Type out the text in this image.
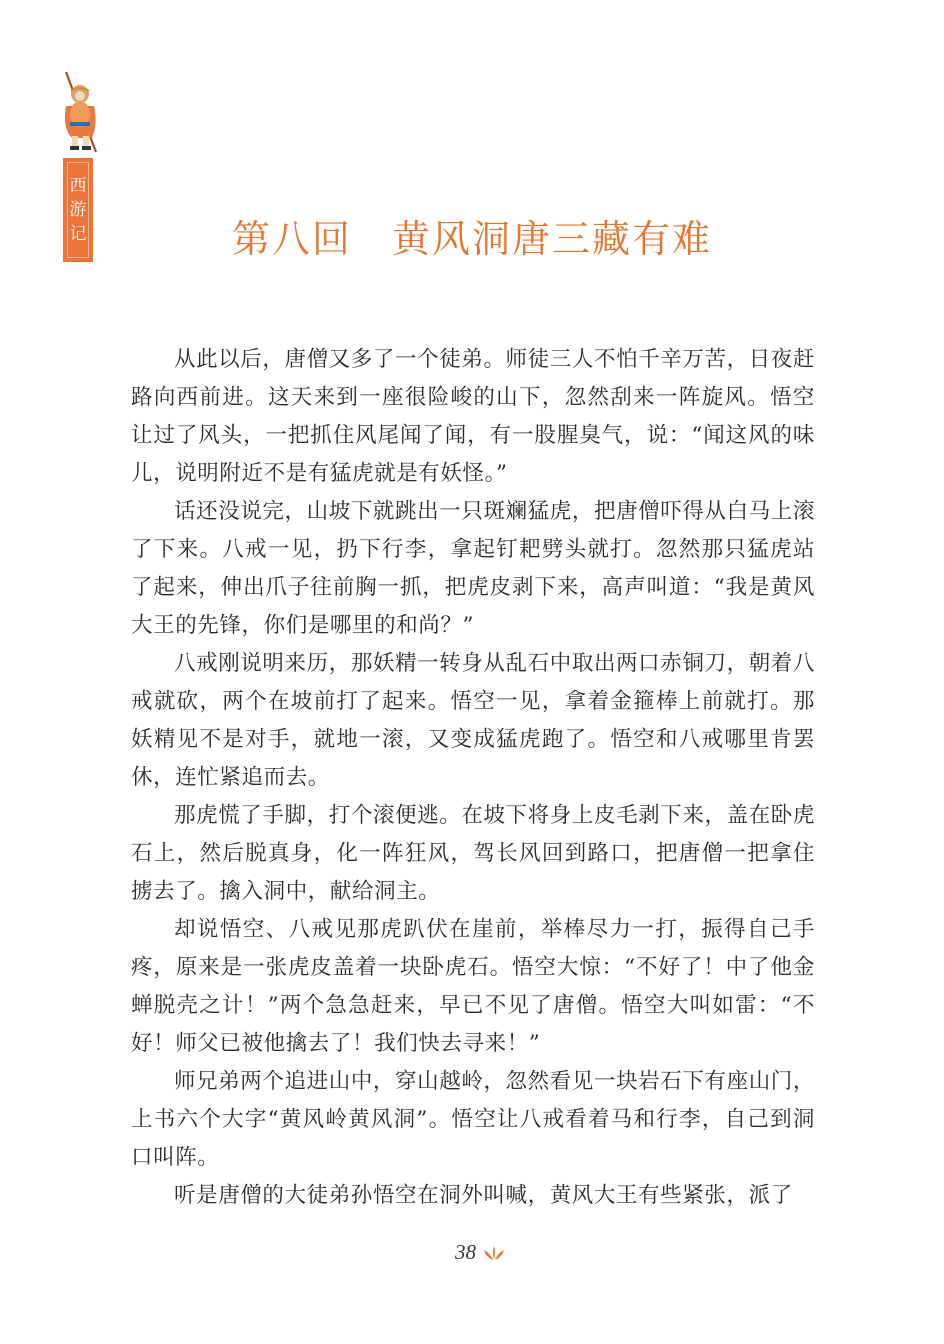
西
游
记	第八回 黄风洞唐三藏有难

从此以后，唐僧又多了一个徒弟。师徒三人不怕千辛万苦，日夜赶路向西前进。这天来到一座很险峻的山下，忽然刮来一阵旋风。悟空让过了风头，一把抓住风尾闻了闻，有一股腥臭气，说：“闻这风的味儿，说明附近不是有猛虎就是有妖怪。”

话还没说完，山坡下就跳出一只斑斓猛虎，把唐僧吓得从白马上滚了下来。八戒一见，扔下行李，拿起钉耙劈头就打。忽然那只猛虎站了起来，伸出爪子往前胸一抓，把虎皮剥下来，高声叫道：“我是黄风大王的先锋，你们是哪里的和尚？”

八戒刚说明来历，那妖精一转身从乱石中取出两口赤铜刀，朝着八戒就砍，两个在坡前打了起来。悟空一见，拿着金箍棒上前就打。那妖精见不是对手，就地一滚，又变成猛虎跑了。悟空和八戒哪里肯罢休，连忙紧追而去。

那虎慌了手脚，打个滚便逃。在坡下将身上皮毛剥下来，盖在卧虎石上，然后脱真身，化一阵狂风，驾长风回到路口，把唐僧一把拿住掳去了。擒入洞中，献给洞主。

却说悟空、八戒见那虎趴伏在崖前，举棒尽力一打，振得自己手疼，原来是一张虎皮盖着一块卧虎石。悟空大惊：“不好了！中了他金蝉脱壳之计！”两个急急赶来，早已不见了唐僧。悟空大叫如雷：“不好！师父已被他擒去了！我们快去寻来！”

师兄弟两个追进山中，穿山越岭，忽然看见一块岩石下有座山门，上书六个大字“黄风岭黄风洞”。悟空让八戒看着马和行李，自己到洞口叫阵。

听是唐僧的大徒弟孙悟空在洞外叫喊，黄风大王有些紧张，派了

38
